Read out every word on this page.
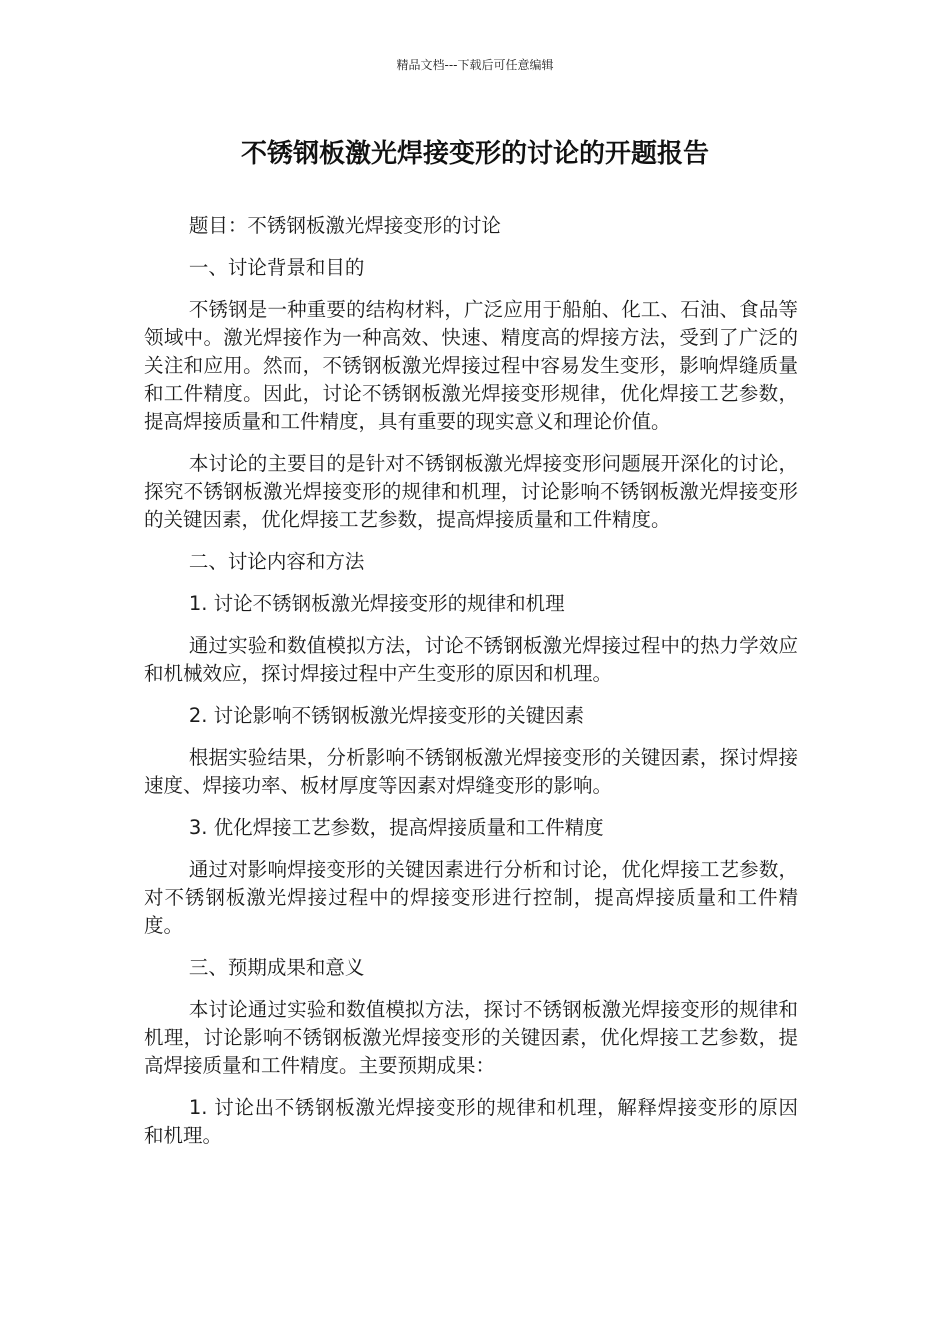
精品文档---下载后可任意编辑
不锈钢板激光焊接变形的讨论的开题报告

题目：不锈钢板激光焊接变形的讨论

一、讨论背景和目的

不锈钢是一种重要的结构材料，广泛应用于船舶、化工、石油、食品等领域中。激光焊接作为一种高效、快速、精度高的焊接方法，受到了广泛的关注和应用。然而，不锈钢板激光焊接过程中容易发生变形，影响焊缝质量和工件精度。因此，讨论不锈钢板激光焊接变形规律，优化焊接工艺参数，提高焊接质量和工件精度，具有重要的现实意义和理论价值。

本讨论的主要目的是针对不锈钢板激光焊接变形问题展开深化的讨论，探究不锈钢板激光焊接变形的规律和机理，讨论影响不锈钢板激光焊接变形的关键因素，优化焊接工艺参数，提高焊接质量和工件精度。

二、讨论内容和方法

1. 讨论不锈钢板激光焊接变形的规律和机理

通过实验和数值模拟方法，讨论不锈钢板激光焊接过程中的热力学效应和机械效应，探讨焊接过程中产生变形的原因和机理。

2. 讨论影响不锈钢板激光焊接变形的关键因素

根据实验结果，分析影响不锈钢板激光焊接变形的关键因素，探讨焊接速度、焊接功率、板材厚度等因素对焊缝变形的影响。

3. 优化焊接工艺参数，提高焊接质量和工件精度

通过对影响焊接变形的关键因素进行分析和讨论，优化焊接工艺参数，对不锈钢板激光焊接过程中的焊接变形进行控制，提高焊接质量和工件精度。

三、预期成果和意义

本讨论通过实验和数值模拟方法，探讨不锈钢板激光焊接变形的规律和机理，讨论影响不锈钢板激光焊接变形的关键因素，优化焊接工艺参数，提高焊接质量和工件精度。主要预期成果：

1. 讨论出不锈钢板激光焊接变形的规律和机理，解释焊接变形的原因和机理。
